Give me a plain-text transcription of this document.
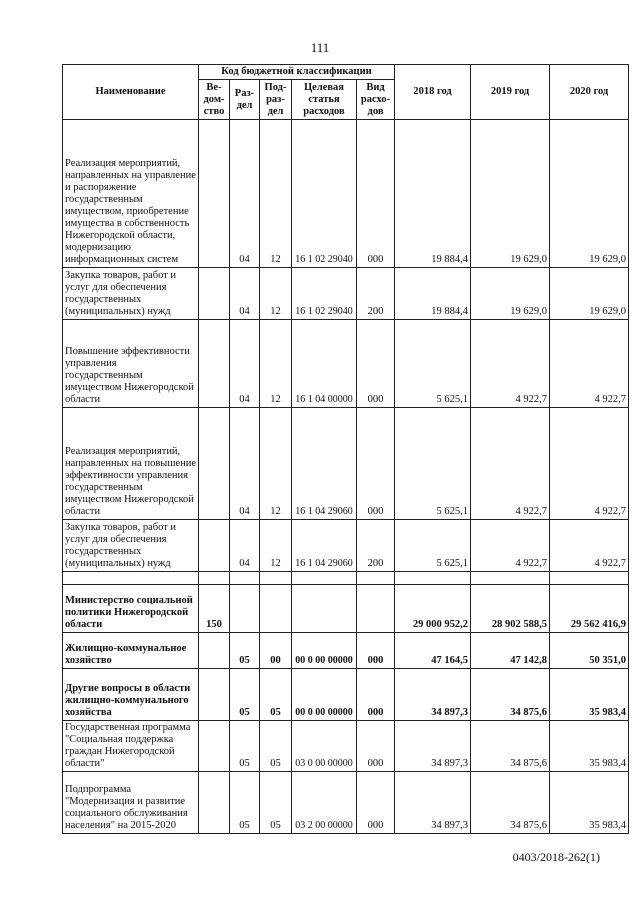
111
Наименование	Код бюджетной классификации					2018 год	2019 год	2020 год
	Ве-дом-ство	Раз-дел	Под-раз-дел	Целевая статья расходов	Вид расхо-дов			
Реализация мероприятий, направленных на управление и распоряжение государственным имуществом, приобретение имущества в собственность Нижегородской области, модернизацию информационных систем		04	12	16 1 02 29040	000	19 884,4	19 629,0	19 629,0
Закупка товаров, работ и услуг для обеспечения государственных (муниципальных) нужд		04	12	16 1 02 29040	200	19 884,4	19 629,0	19 629,0
Повышение эффективности управления государственным имуществом Нижегородской области		04	12	16 1 04 00000	000	5 625,1	4 922,7	4 922,7
Реализация мероприятий, направленных на повышение эффективности управления государственным имуществом Нижегородской области		04	12	16 1 04 29060	000	5 625,1	4 922,7	4 922,7
Закупка товаров, работ и услуг для обеспечения государственных (муниципальных) нужд		04	12	16 1 04 29060	200	5 625,1	4 922,7	4 922,7

Министерство социальной политики Нижегородской области	150					29 000 952,2	28 902 588,5	29 562 416,9
Жилищно-коммунальное хозяйство		05	00	00 0 00 00000	000	47 164,5	47 142,8	50 351,0
Другие вопросы в области жилищно-коммунального хозяйства		05	05	00 0 00 00000	000	34 897,3	34 875,6	35 983,4
Государственная программа "Социальная поддержка граждан Нижегородской области"		05	05	03 0 00 00000	000	34 897,3	34 875,6	35 983,4
Подпрограмма "Модернизация и развитие социального обслуживания населения" на 2015-2020		05	05	03 2 00 00000	000	34 897,3	34 875,6	35 983,4
0403/2018-262(1)
